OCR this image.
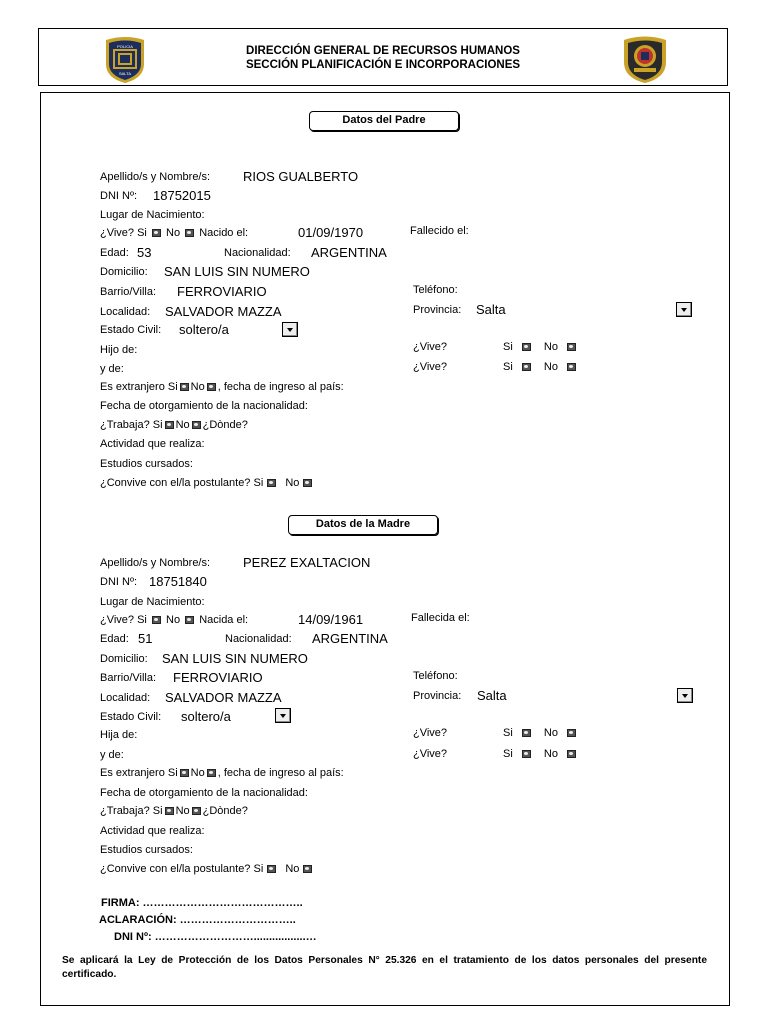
POLICIA
SALTA
DIRECCIÓN GENERAL DE RECURSOS HUMANOS
SECCIÓN PLANIFICACIÓN E INCORPORACIONES
Datos del Padre
Apellido/s y Nombre/s:	RIOS GUALBERTO
DNI Nº: 18752015
Lugar de Nacimiento:
¿Vive? Si No Nacido el:	01/09/1970	Fallecido el:
Edad: 53	Nacionalidad: ARGENTINA
Domicilio: SAN LUIS SIN NUMERO
Barrio/Villa: FERROVIARIO	Teléfono:
Localidad: SALVADOR MAZZA	Provincia: Salta
Estado Civil: soltero/a
Hijo de:	¿Vive?	Si	No
y de:	¿Vive?	Si	No
Es extranjero Si No , fecha de ingreso al país:
Fecha de otorgamiento de la nacionalidad:
¿Trabaja? Si No ¿Dònde?
Actividad que realiza:
Estudios cursados:
¿Convive con el/la postulante? Si No
Datos de la Madre
Apellido/s y Nombre/s:	PEREZ EXALTACION
DNI Nº: 18751840
Lugar de Nacimiento:
¿Vive? Si No Nacida el:	14/09/1961	Fallecida el:
Edad: 51	Nacionalidad: ARGENTINA
Domicilio: SAN LUIS SIN NUMERO
Barrio/Villa: FERROVIARIO	Teléfono:
Localidad: SALVADOR MAZZA	Provincia: Salta
Estado Civil: soltero/a
Hija de:	¿Vive?	Si	No
y de:	¿Vive?	Si	No
Es extranjero Si No , fecha de ingreso al país:
Fecha de otorgamiento de la nacionalidad:
¿Trabaja? Si No ¿Dònde?
Actividad que realiza:
Estudios cursados:
¿Convive con el/la postulante? Si No
FIRMA: ……………………………………..
ACLARACIÓN: …………………………..
DNI Nº: ……………………….................…
Se aplicará la Ley de Protección de los Datos Personales N° 25.326 en el tratamiento de los datos personales del presente certificado.
